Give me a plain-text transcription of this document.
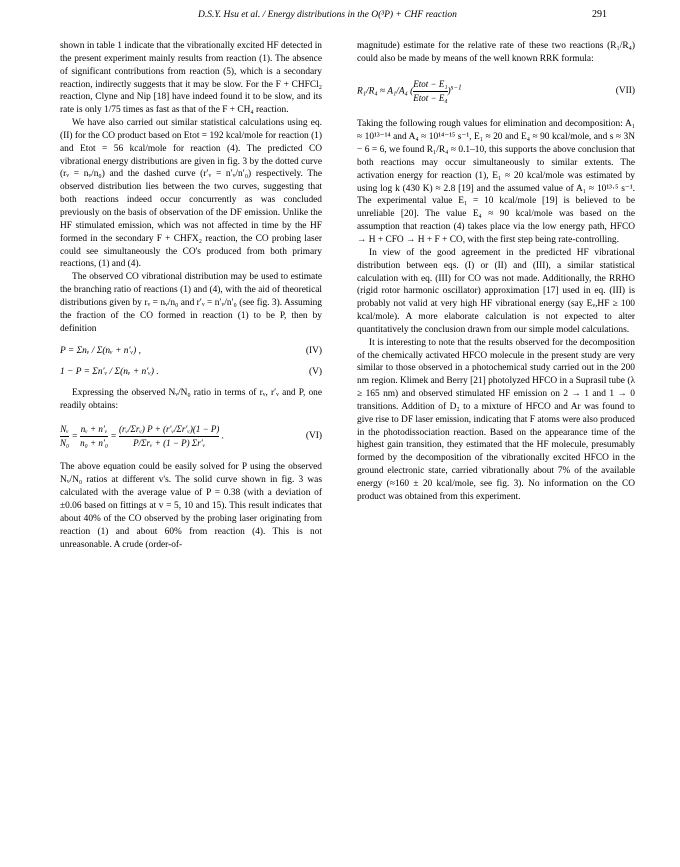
D.S.Y. Hsu et al. / Energy distributions in the O(³P) + CHF reaction	291

shown in table 1 indicate that the vibrationally excited HF detected in the present experiment mainly results from reaction (1). The absence of significant contributions from reaction (5), which is a secondary reaction, indirectly suggests that it may be slow. For the F + CHFCl₂ reaction, Clyne and Nip [18] have indeed found it to be slow, and its rate is only 1/75 times as fast as that of the F + CH₄ reaction.

We have also carried out similar statistical calculations using eq. (II) for the CO product based on Etot = 192 kcal/mole for reaction (1) and Etot = 56 kcal/mole for reaction (4). The predicted CO vibrational energy distributions are given in fig. 3 by the dotted curve (rᵥ = nᵥ/n₀) and the dashed curve (r′ᵥ = n′ᵥ/n′₀) respectively. The observed distribution lies between the two curves, suggesting that both reactions indeed occur concurrently as was concluded previously on the basis of observation of the DF emission. Unlike the HF stimulated emission, which was not affected in time by the HF formed in the secondary F + CHFX₂ reaction, the CO probing laser could see simultaneously the CO's produced from both primary reactions, (1) and (4).

The observed CO vibrational distribution may be used to estimate the branching ratio of reactions (1) and (4), with the aid of theoretical distributions given by rᵥ = nᵥ/n₀ and r′ᵥ = n′ᵥ/n′₀ (see fig. 3). Assuming the fraction of the CO formed in reaction (1) to be P, then by definition

P = Σnᵥ / Σ(nᵥ + n′ᵥ) ,	(IV)
1 − P = Σn′ᵥ / Σ(nᵥ + n′ᵥ) .	(V)

Expressing the observed Nᵥ/N₀ ratio in terms of rᵥ, r′ᵥ and P, one readily obtains:

$\frac{\text{Nᵥ}}{\text{N₀}} = \frac{\text{nᵥ + n′ᵥ}}{\text{n₀ + n′₀}} = \frac{\text{(rᵥ/Σrᵥ) P + (r′ᵥ/Σr′ᵥ)(1 − P)}}{\text{P/Σrᵥ + (1 − P) Σr′ᵥ}}$ .	(VI)

The above equation could be easily solved for P using the observed Nᵥ/N₀ ratios at different v's. The solid curve shown in fig. 3 was calculated with the average value of P = 0.38 (with a deviation of ±0.06 based on fittings at v = 5, 10 and 15). This result indicates that about 40% of the CO observed by the probing laser originating from reaction (1) and about 60% from reaction (4). This is not unreasonable. A crude (order-of-

magnitude) estimate for the relative rate of these two reactions (R₁/R₄) could also be made by means of the well known RRK formula:

R₁/R₄ ≈ A₁/A₄ ( $\frac{\text{Etot − E₁}}{\text{Etot − E₄}} )^{s-1}$	(VII)

Taking the following rough values for elimination and decomposition: A₁ ≈ 10¹³⁻¹⁴ and A₄ ≈ 10¹⁴⁻¹⁵ s⁻¹, E₁ ≈ 20 and E₄ ≈ 90 kcal/mole, and s ≈ 3N − 6 = 6, we found R₁/R₄ ≈ 0.1–10, this supports the above conclusion that both reactions may occur simultaneously to similar extents. The activation energy for reaction (1), E₁ ≈ 20 kcal/mole was estimated by using log k (430 K) ≈ 2.8 [19] and the assumed value of A₁ ≈ 10¹³·⁵ s⁻¹. The experimental value E₁ = 10 kcal/mole [19] is believed to be unreliable [20]. The value E₄ ≈ 90 kcal/mole was based on the assumption that reaction (4) takes place via the low energy path, HFCO → H + CFO → H + F + CO, with the first step being rate-controlling.

In view of the good agreement in the predicted HF vibrational distribution between eqs. (I) or (II) and (III), a similar statistical calculation with eq. (III) for CO was not made. Additionally, the RRHO (rigid rotor harmonic oscillator) approximation [17] used in eq. (III) is probably not valid at very high HF vibrational energy (say Eᵥ,HF ≥ 100 kcal/mole). A more elaborate calculation is not expected to alter quantitatively the conclusion drawn from our simple model calculations.

It is interesting to note that the results observed for the decomposition of the chemically activated HFCO molecule in the present study are very similar to those observed in a photochemical study carried out in the 200 nm region. Klimek and Berry [21] photolyzed HFCO in a Suprasil tube (λ ≥ 165 nm) and observed stimulated HF emission on 2 → 1 and 1 → 0 transitions. Addition of D₂ to a mixture of HFCO and Ar was found to give rise to DF laser emission, indicating that F atoms were also produced in the photodissociation reaction. Based on the appearance time of the highest gain transition, they estimated that the HF molecule, presumably formed by the decomposition of the vibrationally excited HFCO in the ground electronic state, carried vibrationally about 7% of the available energy (≈160 ± 20 kcal/mole, see fig. 3). No information on the CO product was obtained from this experiment.
